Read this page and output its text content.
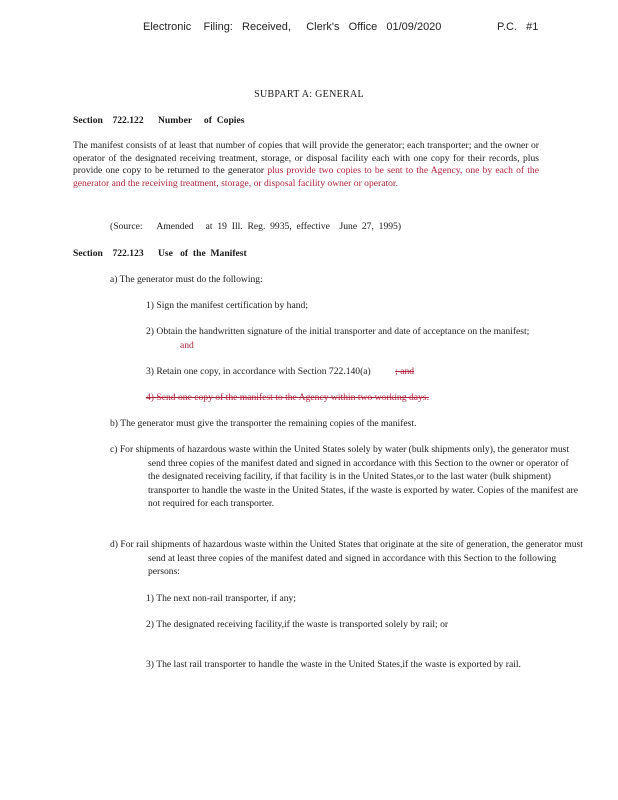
Electronic    Filing:   Received,     Clerk's   Office   01/09/2020	P.C.   #1
SUBPART A: GENERAL
Section    722.122      Number     of  Copies

The manifest consists of at least that number of copies that will provide the generator; each transporter; and the owner or operator of the designated receiving treatment, storage, or disposal facility each with one copy for their records, plus provide one copy to be returned to the generator plus provide two copies to be sent to the Agency, one by each of the generator and the receiving treatment, storage, or disposal facility owner or operator.

(Source:      Amended     at  19  Ill.  Reg.  9935,  effective    June  27,  1995)
Section    722.123      Use   of  the  Manifest
a) The generator must do the following:
1) Sign the manifest certification by hand;
2) Obtain the handwritten signature of the initial transporter and date of acceptance on the manifest; and
3) Retain one copy, in accordance with Section 722.140(a)	; and
4) Send one copy of the manifest to the Agency within two working days.
b) The generator must give the transporter the remaining copies of the manifest.
c) For shipments of hazardous waste within the United States solely by water (bulk shipments only), the generator must send three copies of the manifest dated and signed in accordance with this Section to the owner or operator of the designated receiving facility, if that facility is in the United States,or to the last water (bulk shipment) transporter to handle the waste in the United States, if the waste is exported by water. Copies of the manifest are not required for each transporter.
d) For rail shipments of hazardous waste within the United States that originate at the site of generation, the generator must send at least three copies of the manifest dated and signed in accordance with this Section to the following persons:
1) The next non-rail transporter, if any;
2) The designated receiving facility,if the waste is transported solely by rail; or
3) The last rail transporter to handle the waste in the United States,if the waste is exported by rail.
